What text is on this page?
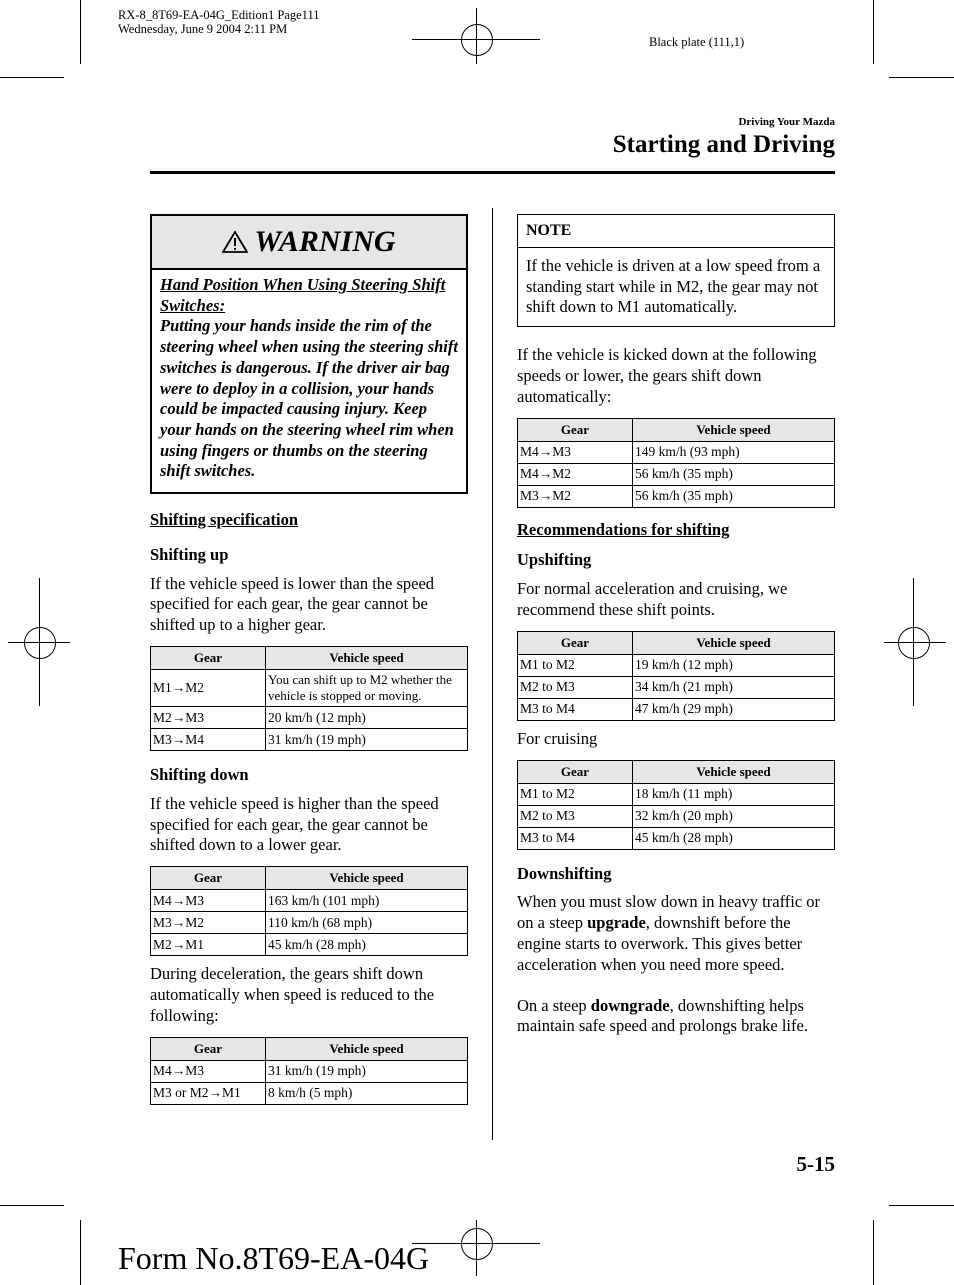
RX-8_8T69-EA-04G_Edition1 Page111
Wednesday, June 9 2004 2:11 PM
Black plate (111,1)
Driving Your Mazda
Starting and Driving
WARNING
Hand Position When Using Steering Shift Switches:
Putting your hands inside the rim of the steering wheel when using the steering shift switches is dangerous. If the driver air bag were to deploy in a collision, your hands could be impacted causing injury. Keep your hands on the steering wheel rim when using fingers or thumbs on the steering shift switches.
Shifting specification
Shifting up

If the vehicle speed is lower than the speed specified for each gear, the gear cannot be shifted up to a higher gear.

Gear	Vehicle speed
M1→M2	You can shift up to M2 whether the vehicle is stopped or moving.
M2→M3	20 km/h (12 mph)
M3→M4	31 km/h (19 mph)
Shifting down

If the vehicle speed is higher than the speed specified for each gear, the gear cannot be shifted down to a lower gear.

Gear	Vehicle speed
M4→M3	163 km/h (101 mph)
M3→M2	110 km/h (68 mph)
M2→M1	45 km/h (28 mph)

During deceleration, the gears shift down automatically when speed is reduced to the following:

Gear	Vehicle speed
M4→M3	31 km/h (19 mph)
M3 or M2→M1	8 km/h (5 mph)
NOTE
If the vehicle is driven at a low speed from a standing start while in M2, the gear may not shift down to M1 automatically.

If the vehicle is kicked down at the following speeds or lower, the gears shift down automatically:

Gear	Vehicle speed
M4→M3	149 km/h (93 mph)
M4→M2	56 km/h (35 mph)
M3→M2	56 km/h (35 mph)
Recommendations for shifting
Upshifting

For normal acceleration and cruising, we recommend these shift points.

Gear	Vehicle speed
M1 to M2	19 km/h (12 mph)
M2 to M3	34 km/h (21 mph)
M3 to M4	47 km/h (29 mph)

For cruising

Gear	Vehicle speed
M1 to M2	18 km/h (11 mph)
M2 to M3	32 km/h (20 mph)
M3 to M4	45 km/h (28 mph)
Downshifting

When you must slow down in heavy traffic or on a steep upgrade, downshift before the engine starts to overwork. This gives better acceleration when you need more speed.

On a steep downgrade, downshifting helps maintain safe speed and prolongs brake life.

5-15
Form No.8T69-EA-04G
